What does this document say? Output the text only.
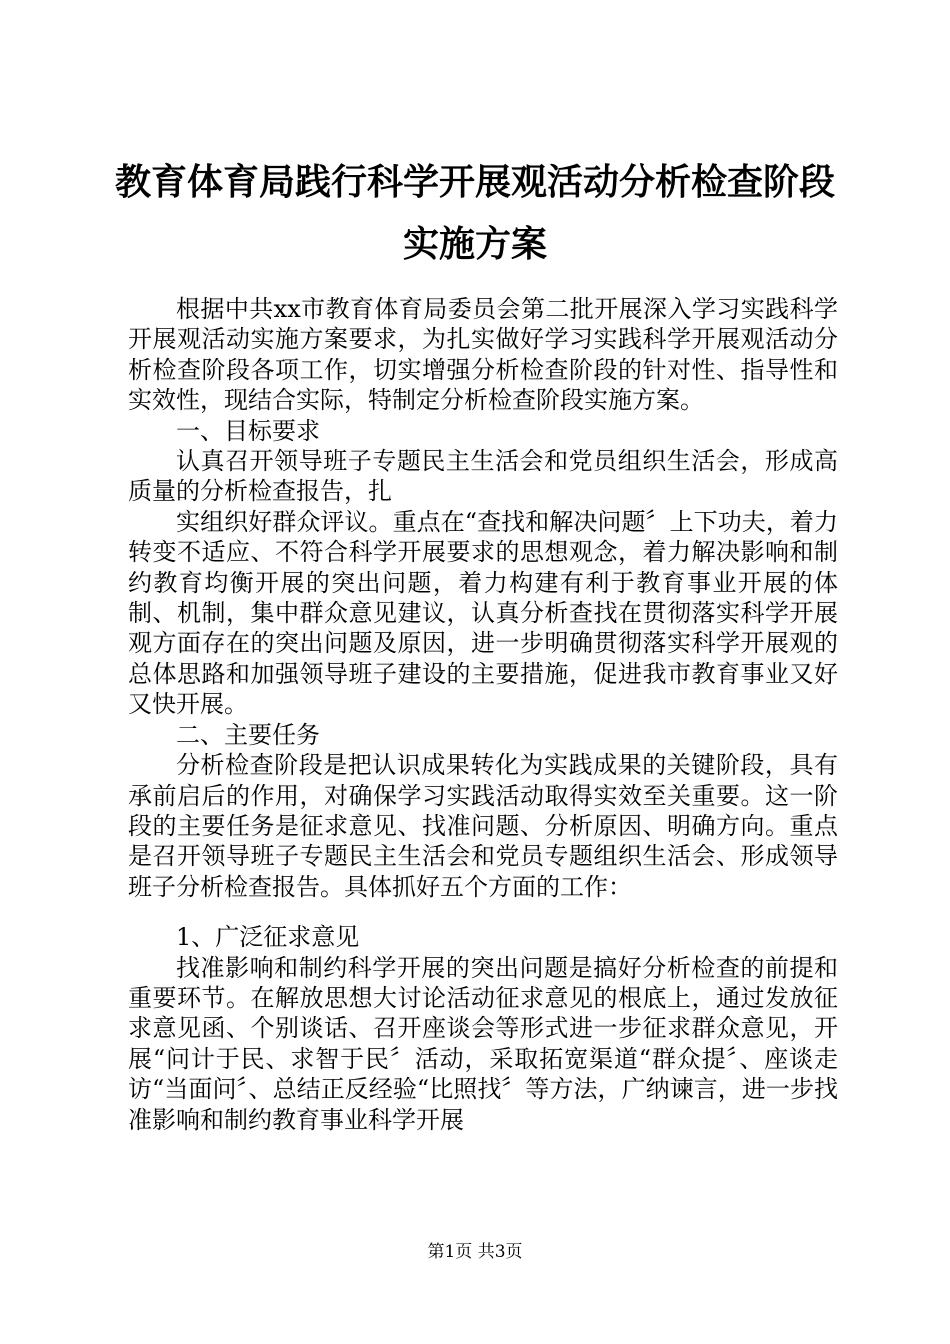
教育体育局践行科学开展观活动分析检查阶段
实施方案

根据中共xx市教育体育局委员会第二批开展深入学习实践科学开展观活动实施方案要求，为扎实做好学习实践科学开展观活动分析检查阶段各项工作，切实增强分析检查阶段的针对性、指导性和实效性，现结合实际，特制定分析检查阶段实施方案。

一、目标要求

认真召开领导班子专题民主生活会和党员组织生活会，形成高质量的分析检查报告，扎

实组织好群众评议。重点在“查找和解决问题〞上下功夫，着力转变不适应、不符合科学开展要求的思想观念，着力解决影响和制约教育均衡开展的突出问题，着力构建有利于教育事业开展的体制、机制，集中群众意见建议，认真分析查找在贯彻落实科学开展观方面存在的突出问题及原因，进一步明确贯彻落实科学开展观的总体思路和加强领导班子建设的主要措施，促进我市教育事业又好又快开展。

二、主要任务

分析检查阶段是把认识成果转化为实践成果的关键阶段，具有承前启后的作用，对确保学习实践活动取得实效至关重要。这一阶段的主要任务是征求意见、找准问题、分析原因、明确方向。重点是召开领导班子专题民主生活会和党员专题组织生活会、形成领导班子分析检查报告。具体抓好五个方面的工作：

1、广泛征求意见

找准影响和制约科学开展的突出问题是搞好分析检查的前提和重要环节。在解放思想大讨论活动征求意见的根底上，通过发放征求意见函、个别谈话、召开座谈会等形式进一步征求群众意见，开展“问计于民、求智于民〞活动，采取拓宽渠道“群众提〞、座谈走访“当面问〞、总结正反经验“比照找〞等方法，广纳谏言，进一步找准影响和制约教育事业科学开展

第1页 共3页
